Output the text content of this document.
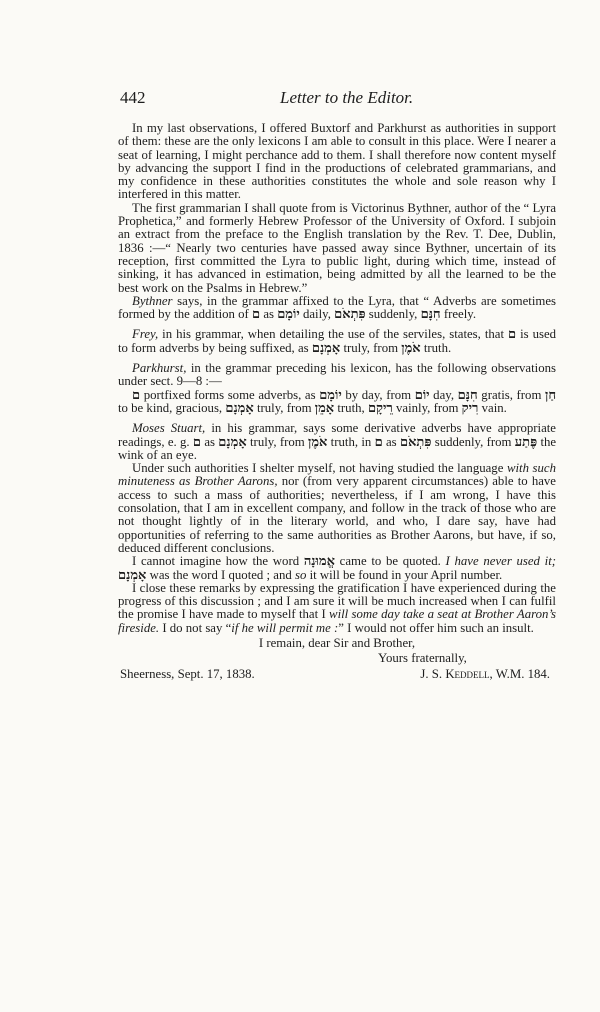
442	Letter to the Editor.

In my last observations, I offered Buxtorf and Parkhurst as authorities in support of them: these are the only lexicons I am able to consult in this place. Were I nearer a seat of learning, I might perchance add to them. I shall therefore now content myself by advancing the support I find in the productions of celebrated grammarians, and my confidence in these authorities constitutes the whole and sole reason why I interfered in this matter.

The first grammarian I shall quote from is Victorinus Bythner, author of the “ Lyra Prophetica,” and formerly Hebrew Professor of the University of Oxford. I subjoin an extract from the preface to the English translation by the Rev. T. Dee, Dublin, 1836 :—“ Nearly two centuries have passed away since Bythner, uncertain of its reception, first committed the Lyra to public light, during which time, instead of sinking, it has advanced in estimation, being admitted by all the learned to be the best work on the Psalms in Hebrew.”

Bythner says, in the grammar affixed to the Lyra, that “ Adverbs are sometimes formed by the addition of ם as יוֹמָם daily, פִּתְאֹם suddenly, חִנָּם freely.

Frey, in his grammar, when detailing the use of the serviles, states, that ם is used to form adverbs by being suffixed, as אָמְנָם truly, from אֹמֶן truth.

Parkhurst, in the grammar preceding his lexicon, has the following observations under sect. 9—8 :—

ם portfixed forms some adverbs, as יוֹמָם by day, from יוֹם day, חִנָּם gratis, from חַן to be kind, gracious, אָמְנָם truly, from אָמֵן truth, רֵיקָם vainly, from רִיק vain.

Moses Stuart, in his grammar, says some derivative adverbs have appropriate readings, e. g. ם as אָמְנָם truly, from אֹמֶן truth, in ם as פִּתְאֹם suddenly, from פֶּתַע the wink of an eye.

Under such authorities I shelter myself, not having studied the language with such minuteness as Brother Aarons, nor (from very apparent circumstances) able to have access to such a mass of authorities; nevertheless, if I am wrong, I have this consolation, that I am in excellent company, and follow in the track of those who are not thought lightly of in the literary world, and who, I dare say, have had opportunities of referring to the same authorities as Brother Aarons, but have, if so, deduced different conclusions.

I cannot imagine how the word אֱמוּנָה came to be quoted. I have never used it; אָמְנָם was the word I quoted ; and so it will be found in your April number.

I close these remarks by expressing the gratification I have experienced during the progress of this discussion ; and I am sure it will be much increased when I can fulfil the promise I have made to myself that I will some day take a seat at Brother Aaron’s fireside. I do not say “if he will permit me :” I would not offer him such an insult.

I remain, dear Sir and Brother,
Yours fraternally,
Sheerness, Sept. 17, 1838.	J. S. Keddell, W.M. 184.
